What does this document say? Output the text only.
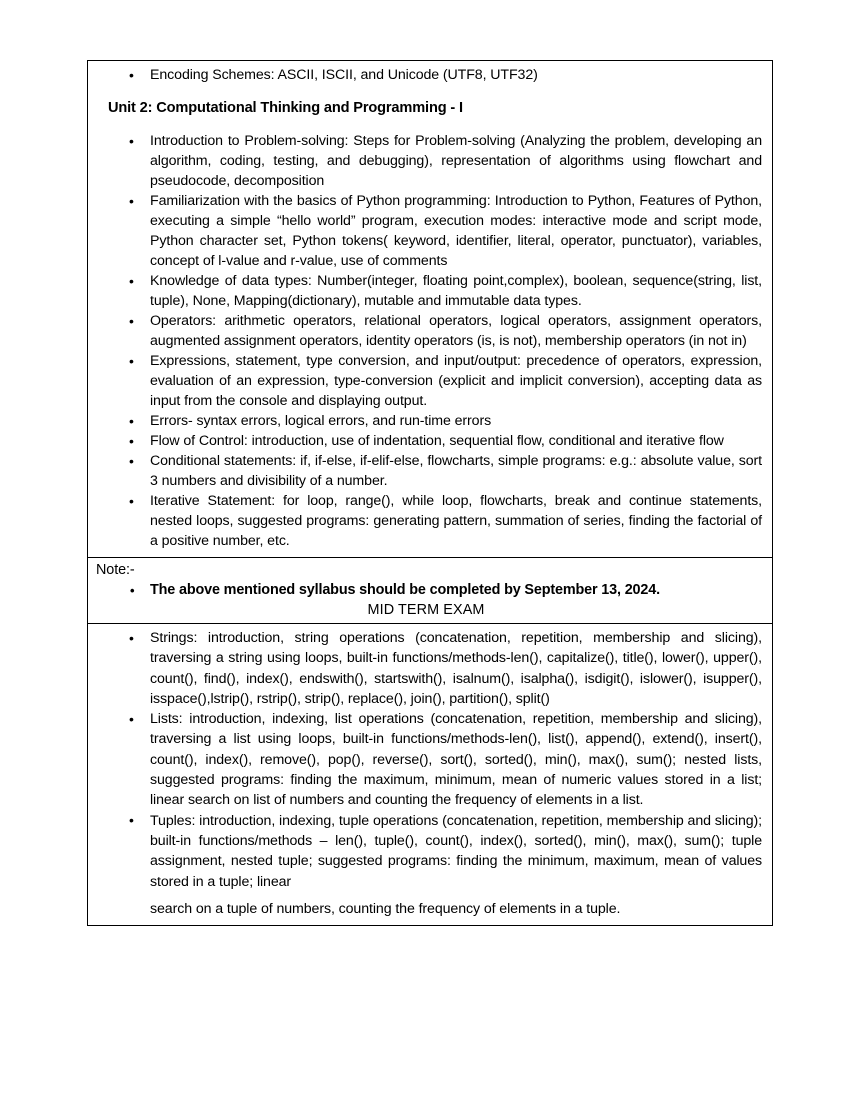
• Encoding Schemes: ASCII, ISCII, and Unicode (UTF8, UTF32)
Unit 2: Computational Thinking and Programming - I
• Introduction to Problem-solving: Steps for Problem-solving (Analyzing the problem, developing an algorithm, coding, testing, and debugging), representation of algorithms using flowchart and pseudocode, decomposition
• Familiarization with the basics of Python programming: Introduction to Python, Features of Python, executing a simple “hello world” program, execution modes: interactive mode and script mode, Python character set, Python tokens( keyword, identifier, literal, operator, punctuator), variables, concept of l-value and r-value, use of comments
• Knowledge of data types: Number(integer, floating point,complex), boolean, sequence(string, list, tuple), None, Mapping(dictionary), mutable and immutable data types.
• Operators: arithmetic operators, relational operators, logical operators, assignment operators, augmented assignment operators, identity operators (is, is not), membership operators (in not in)
• Expressions, statement, type conversion, and input/output: precedence of operators, expression, evaluation of an expression, type-conversion (explicit and implicit conversion), accepting data as input from the console and displaying output.
• Errors- syntax errors, logical errors, and run-time errors
• Flow of Control: introduction, use of indentation, sequential flow, conditional and iterative flow
• Conditional statements: if, if-else, if-elif-else, flowcharts, simple programs: e.g.: absolute value, sort 3 numbers and divisibility of a number.
• Iterative Statement: for loop, range(), while loop, flowcharts, break and continue statements, nested loops, suggested programs: generating pattern, summation of series, finding the factorial of a positive number, etc.

Note:-
• The above mentioned syllabus should be completed by September 13, 2024.
MID TERM EXAM

• Strings: introduction, string operations (concatenation, repetition, membership and slicing), traversing a string using loops, built-in functions/methods-len(), capitalize(), title(), lower(), upper(), count(), find(), index(), endswith(), startswith(), isalnum(), isalpha(), isdigit(), islower(), isupper(), isspace(),lstrip(), rstrip(), strip(), replace(), join(), partition(), split()
• Lists: introduction, indexing, list operations (concatenation, repetition, membership and slicing), traversing a list using loops, built-in functions/methods-len(), list(), append(), extend(), insert(), count(), index(), remove(), pop(), reverse(), sort(), sorted(), min(), max(), sum(); nested lists, suggested programs: finding the maximum, minimum, mean of numeric values stored in a list; linear search on list of numbers and counting the frequency of elements in a list.
• Tuples: introduction, indexing, tuple operations (concatenation, repetition, membership and slicing); built-in functions/methods – len(), tuple(), count(), index(), sorted(), min(), max(), sum(); tuple assignment, nested tuple; suggested programs: finding the minimum, maximum, mean of values stored in a tuple; linear
search on a tuple of numbers, counting the frequency of elements in a tuple.
